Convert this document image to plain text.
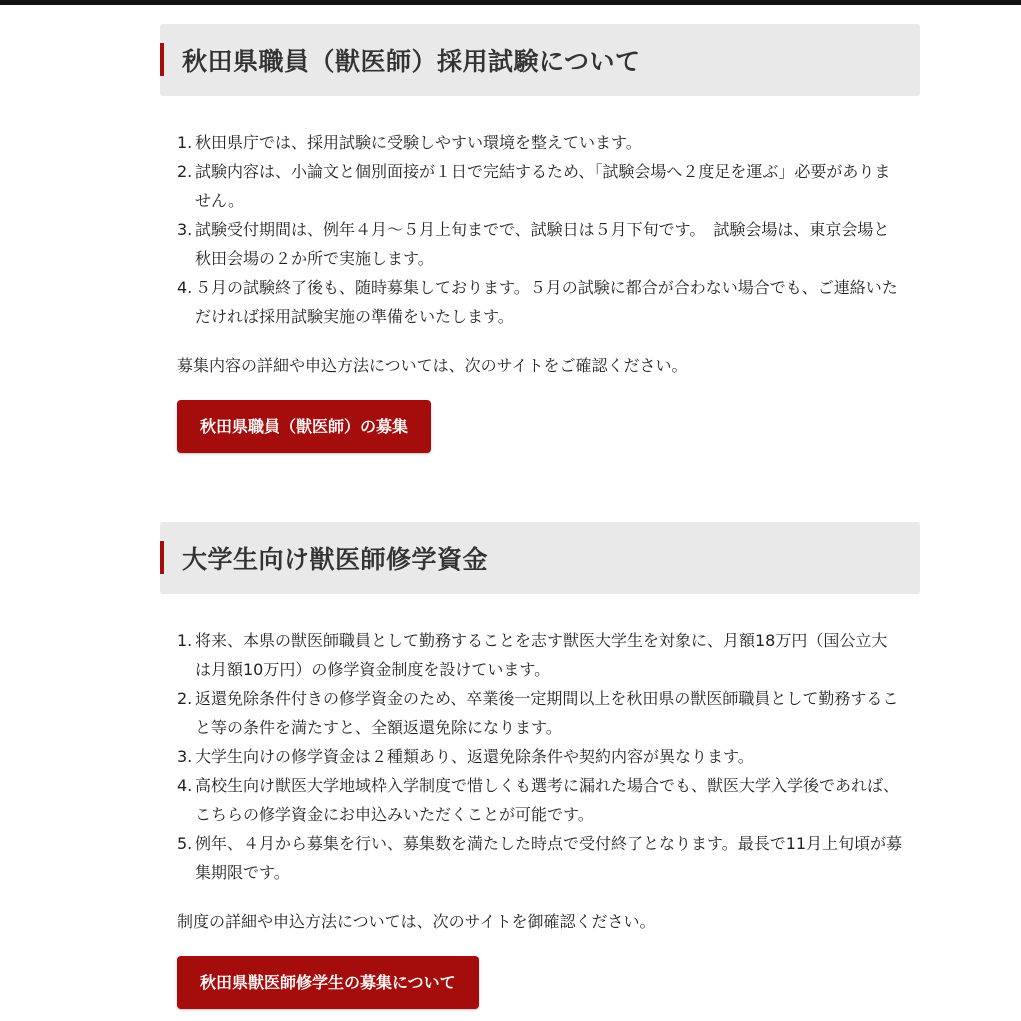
秋田県職員（獣医師）採用試験について
1. 秋田県庁では、採用試験に受験しやすい環境を整えています。
2. 試験内容は、小論文と個別面接が１日で完結するため、「試験会場へ２度足を運ぶ」必要がありません。
3. 試験受付期間は、例年４月～５月上旬までで、試験日は５月下旬です。　試験会場は、東京会場と秋田会場の２か所で実施します。
4. ５月の試験終了後も、随時募集しております。５月の試験に都合が合わない場合でも、ご連絡いただければ採用試験実施の準備をいたします。

募集内容の詳細や申込方法については、次のサイトをご確認ください。

秋田県職員（獣医師）の募集
大学生向け獣医師修学資金
1. 将来、本県の獣医師職員として勤務することを志す獣医大学生を対象に、月額18万円（国公立大は月額10万円）の修学資金制度を設けています。
2. 返還免除条件付きの修学資金のため、卒業後一定期間以上を秋田県の獣医師職員として勤務すること等の条件を満たすと、全額返還免除になります。
3. 大学生向けの修学資金は２種類あり、返還免除条件や契約内容が異なります。
4. 高校生向け獣医大学地域枠入学制度で惜しくも選考に漏れた場合でも、獣医大学入学後であれば、こちらの修学資金にお申込みいただくことが可能です。
5. 例年、４月から募集を行い、募集数を満たした時点で受付終了となります。最長で11月上旬頃が募集期限です。

制度の詳細や申込方法については、次のサイトを御確認ください。

秋田県獣医師修学生の募集について
